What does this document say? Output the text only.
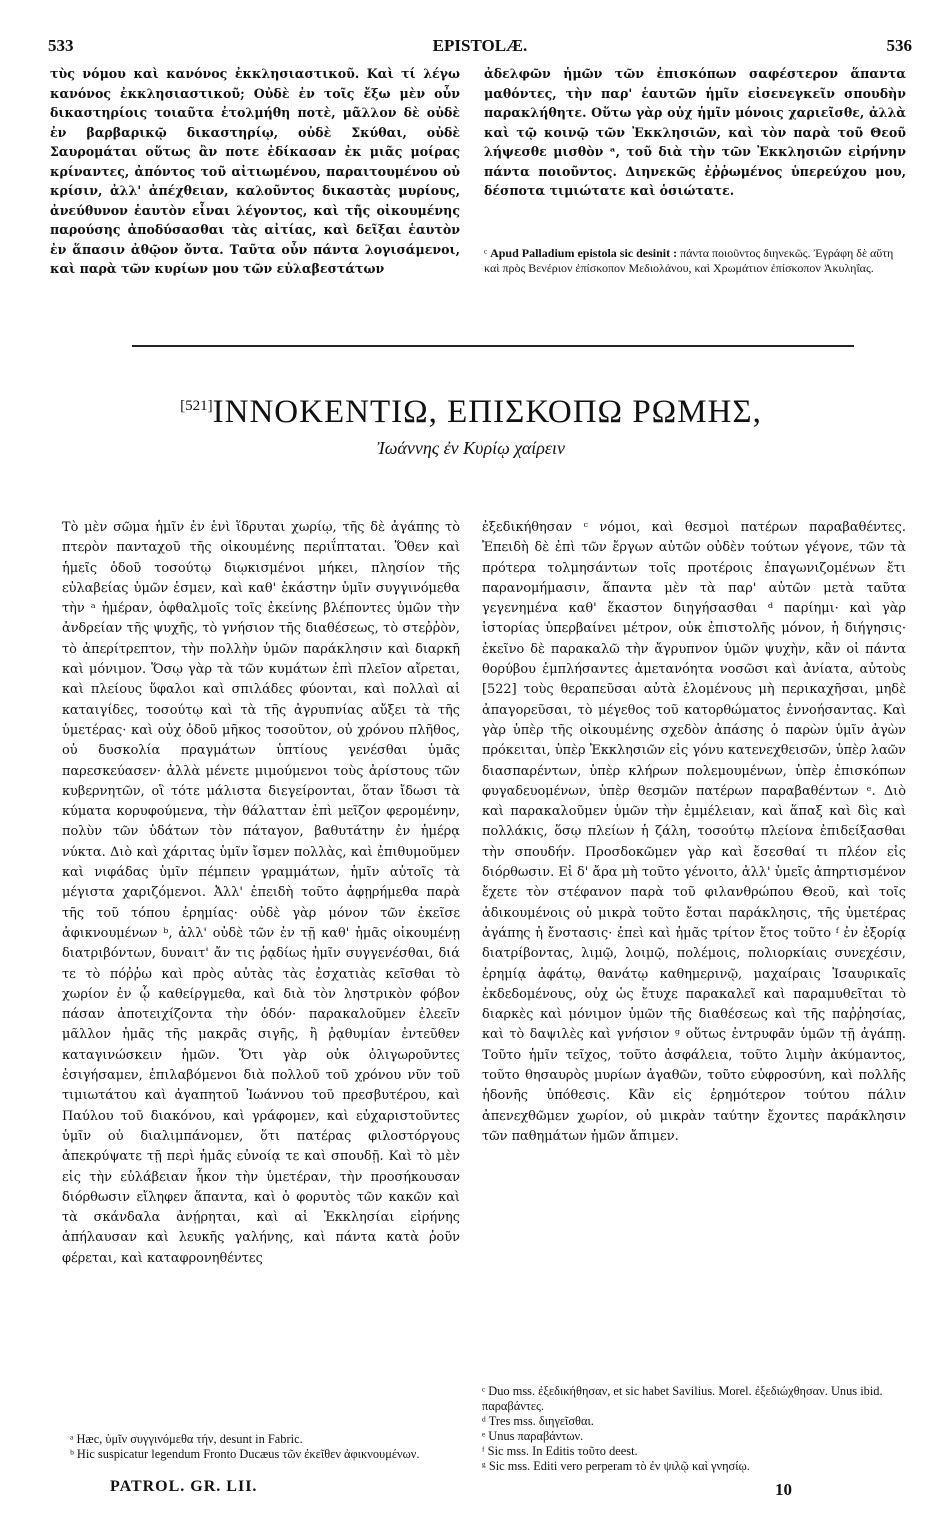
533	EPISTOLÆ.	536
τὺς νόμου καὶ κανόνος ἐκκλησιαστικοῦ. Καὶ τί λέγω κανόνος ἐκκλησιαστικοῦ; Οὐδὲ ἐν τοῖς ἔξω μὲν οὖν δικαστηρίοις τοιαῦτα ἐτολμήθη ποτὲ, μᾶλλον δὲ οὐδὲ ἐν βαρβαρικῷ δικαστηρίῳ, οὐδὲ Σκύθαι, οὐδὲ Σαυρομάται οὕτως ἂν ποτε ἐδίκασαν ἐκ μιᾶς μοίρας κρίναντες, ἀπόντος τοῦ αἰτιωμένου, παραιτουμένου οὐ κρίσιν, ἀλλ' ἀπέχθειαν, καλοῦντος δικαστὰς μυρίους, ἀνεύθυνον ἑαυτὸν εἶναι λέγοντος, καὶ τῆς οἰκουμένης παρούσης ἀποδύσασθαι τὰς αἰτίας, καὶ δεῖξαι ἑαυτὸν ἐν ἅπασιν ἀθῷον ὄντα. Ταῦτα οὖν πάντα λογισάμενοι, καὶ παρὰ τῶν κυρίων μου τῶν εὐλαβεστάτων
ἀδελφῶν ἡμῶν τῶν ἐπισκόπων σαφέστερον ἅπαντα μαθόντες, τὴν παρ' ἑαυτῶν ἡμῖν εἰσενεγκεῖν σπουδὴν παρακλήθητε. Οὕτω γὰρ οὐχ ἡμῖν μόνοις χαριεῖσθε, ἀλλὰ καὶ τῷ κοινῷ τῶν Ἐκκλησιῶν, καὶ τὸν παρὰ τοῦ Θεοῦ λήψεσθε μισθὸν ᵃ, τοῦ διὰ τὴν τῶν Ἐκκλησιῶν εἰρήνην πάντα ποιοῦντος. Διηνεκῶς ἐῤῥωμένος ὑπερεύχου μου, δέσποτα τιμιώτατε καὶ ὁσιώτατε.
ᶜ Apud Palladium epistola sic desinit : πάντα ποιοῦντος διηνεκῶς. Ἐγράφη δὲ αὕτη καὶ πρὸς Βενέριον ἐπίσκοπον Μεδιολάνου, καὶ Χρωμάτιον ἐπίσκοπον Ἀκυληΐας.
[521]ΙΝΝΟΚΕΝΤΙΩ, ΕΠΙΣΚΟΠΩ ΡΩΜΗΣ,
Ἰωάννης ἐν Κυρίῳ χαίρειν
Τὸ μὲν σῶμα ἡμῖν ἐν ἑνὶ ἵδρυται χωρίῳ, τῆς δὲ ἀγάπης τὸ πτερὸν πανταχοῦ τῆς οἰκουμένης περιΐπταται. Ὅθεν καὶ ἡμεῖς ὁδοῦ τοσούτῳ διῳκισμένοι μήκει, πλησίον τῆς εὐλαβείας ὑμῶν ἐσμεν, καὶ καθ' ἑκάστην ὑμῖν συγγινόμεθα τὴν ᵃ ἡμέραν, ὀφθαλμοῖς τοῖς ἐκείνης βλέποντες ὑμῶν τὴν ἀνδρείαν τῆς ψυχῆς, τὸ γνήσιον τῆς διαθέσεως, τὸ στεῤῥὸν, τὸ ἀπερίτρεπτον, τὴν πολλὴν ὑμῶν παράκλησιν καὶ διαρκῆ καὶ μόνιμον. Ὅσῳ γὰρ τὰ τῶν κυμάτων ἐπὶ πλεῖον αἴρεται, καὶ πλείους ὕφαλοι καὶ σπιλάδες φύονται, καὶ πολλαὶ αἱ καταιγίδες, τοσούτῳ καὶ τὰ τῆς ἀγρυπνίας αὔξει τὰ τῆς ὑμετέρας· καὶ οὐχ ὁδοῦ μῆκος τοσοῦτον, οὐ χρόνου πλῆθος, οὐ δυσκολία πραγμάτων ὑπτίους γενέσθαι ὑμᾶς παρεσκεύασεν· ἀλλὰ μένετε μιμούμενοι τοὺς ἀρίστους τῶν κυβερνητῶν, οἳ τότε μάλιστα διεγείρονται, ὅταν ἴδωσι τὰ κύματα κορυφούμενα, τὴν θάλατταν ἐπὶ μεῖζον φερομένην, πολὺν τῶν ὑδάτων τὸν πάταγον, βαθυτάτην ἐν ἡμέρᾳ νύκτα. Διὸ καὶ χάριτας ὑμῖν ἴσμεν πολλὰς, καὶ ἐπιθυμοῦμεν καὶ νιφάδας ὑμῖν πέμπειν γραμμάτων, ἡμῖν αὐτοῖς τὰ μέγιστα χαριζόμενοι. Ἀλλ' ἐπειδὴ τοῦτο ἀφῃρήμεθα παρὰ τῆς τοῦ τόπου ἐρημίας· οὐδὲ γὰρ μόνον τῶν ἐκεῖσε ἀφικνουμένων ᵇ, ἀλλ' οὐδὲ τῶν ἐν τῇ καθ' ἡμᾶς οἰκουμένῃ διατριβόντων, δυναιτ' ἄν τις ῥᾳδίως ἡμῖν συγγενέσθαι, διά τε τὸ πόῤῥω καὶ πρὸς αὐτὰς τὰς ἐσχατιὰς κεῖσθαι τὸ χωρίον ἐν ᾧ καθείργμεθα, καὶ διὰ τὸν ληστρικὸν φόβον πάσαν ἀποτειχίζοντα τὴν ὁδόν· παρακαλοῦμεν ἐλεεῖν μᾶλλον ἡμᾶς τῆς μακρᾶς σιγῆς, ἢ ῥᾳθυμίαν ἐντεῦθεν καταγινώσκειν ἡμῶν. Ὅτι γὰρ οὐκ ὀλιγωροῦντες ἐσιγήσαμεν, ἐπιλαβόμενοι διὰ πολλοῦ τοῦ χρόνου νῦν τοῦ τιμιωτάτου καὶ ἀγαπητοῦ Ἰωάννου τοῦ πρεσβυτέρου, καὶ Παύλου τοῦ διακόνου, καὶ γράφομεν, καὶ εὐχαριστοῦντες ὑμῖν οὐ διαλιμπάνομεν, ὅτι πατέρας φιλοστόργους ἀπεκρύψατε τῇ περὶ ἡμᾶς εὐνοίᾳ τε καὶ σπουδῇ. Καὶ τὸ μὲν εἰς τὴν εὐλάβειαν ἧκον τὴν ὑμετέραν, τὴν προσήκουσαν διόρθωσιν εἴληφεν ἅπαντα, καὶ ὁ φορυτὸς τῶν κακῶν καὶ τὰ σκάνδαλα ἀνῄρηται, καὶ αἱ Ἐκκλησίαι εἰρήνης ἀπήλαυσαν καὶ λευκῆς γαλήνης, καὶ πάντα κατὰ ῥοῦν φέρεται, καὶ καταφρονηθέντες
ἐξεδικήθησαν ᶜ νόμοι, καὶ θεσμοὶ πατέρων παραβαθέντες. Ἐπειδὴ δὲ ἐπὶ τῶν ἔργων αὐτῶν οὐδὲν τούτων γέγονε, τῶν τὰ πρότερα τολμησάντων τοῖς προτέροις ἐπαγωνιζομένων ἔτι παρανομήμασιν, ἅπαντα μὲν τὰ παρ' αὐτῶν μετὰ ταῦτα γεγενημένα καθ' ἕκαστον διηγήσασθαι ᵈ παρίημι· καὶ γὰρ ἱστορίας ὑπερβαίνει μέτρον, οὐκ ἐπιστολῆς μόνον, ἡ διήγησις· ἐκεῖνο δὲ παρακαλῶ τὴν ἄγρυπνον ὑμῶν ψυχὴν, κἂν οἱ πάντα θορύβου ἐμπλήσαντες ἀμετανόητα νοσῶσι καὶ ἀνίατα, αὐτοὺς [522] τοὺς θεραπεῦσαι αὐτὰ ἑλομένους μὴ περικαχῆσαι, μηδὲ ἀπαγορεῦσαι, τὸ μέγεθος τοῦ κατορθώματος ἐννοήσαντας. Καὶ γὰρ ὑπὲρ τῆς οἰκουμένης σχεδὸν ἁπάσης ὁ παρὼν ὑμῖν ἀγὼν πρόκειται, ὑπὲρ Ἐκκλησιῶν εἰς γόνυ κατενεχθεισῶν, ὑπὲρ λαῶν διασπαρέντων, ὑπὲρ κλήρων πολεμουμένων, ὑπὲρ ἐπισκόπων φυγαδευομένων, ὑπὲρ θεσμῶν πατέρων παραβαθέντων ᵉ. Διὸ καὶ παρακαλοῦμεν ὑμῶν τὴν ἐμμέλειαν, καὶ ἅπαξ καὶ δὶς καὶ πολλάκις, ὅσῳ πλείων ἡ ζάλη, τοσούτῳ πλείονα ἐπιδείξασθαι τὴν σπουδήν. Προσδοκῶμεν γὰρ καὶ ἔσεσθαί τι πλέον εἰς διόρθωσιν. Εἰ δ' ἄρα μὴ τοῦτο γένοιτο, ἀλλ' ὑμεῖς ἀπηρτισμένον ἔχετε τὸν στέφανον παρὰ τοῦ φιλανθρώπου Θεοῦ, καὶ τοῖς ἀδικουμένοις οὐ μικρὰ τοῦτο ἔσται παράκλησις, τῆς ὑμετέρας ἀγάπης ἡ ἔνστασις· ἐπεὶ καὶ ἡμᾶς τρίτον ἔτος τοῦτο ᶠ ἐν ἐξορίᾳ διατρίβοντας, λιμῷ, λοιμῷ, πολέμοις, πολιορκίαις συνεχέσιν, ἐρημίᾳ ἀφάτῳ, θανάτῳ καθημερινῷ, μαχαίραις Ἰσαυρικαῖς ἐκδεδομένους, οὐχ ὡς ἔτυχε παρακαλεῖ καὶ παραμυθεῖται τὸ διαρκὲς καὶ μόνιμον ὑμῶν τῆς διαθέσεως καὶ τῆς παῤῥησίας, καὶ τὸ δαψιλὲς καὶ γνήσιον ᵍ οὕτως ἐντρυφᾶν ὑμῶν τῇ ἀγάπῃ. Τοῦτο ἡμῖν τεῖχος, τοῦτο ἀσφάλεια, τοῦτο λιμὴν ἀκύμαντος, τοῦτο θησαυρὸς μυρίων ἀγαθῶν, τοῦτο εὐφροσύνη, καὶ πολλῆς ἡδονῆς ὑπόθεσις. Κἂν εἰς ἐρημότερον τούτου πάλιν ἀπενεχθῶμεν χωρίον, οὐ μικρὰν ταύτην ἔχοντες παράκλησιν τῶν παθημάτων ἡμῶν ἄπιμεν.

ᵃ Hæc, ὑμῖν συγγινόμεθα τήν, desunt in Fabric.

ᵇ Hic suspicatur legendum Fronto Ducæus τῶν ἐκεῖθεν ἀφικνουμένων.

ᶜ Duo mss. ἐξεδικήθησαν, et sic habet Savilius. Morel. ἐξεδιώχθησαν. Unus ibid. παραβάντες.

ᵈ Tres mss. διηγεῖσθαι.

ᵉ Unus παραβάντων.

ᶠ Sic mss. In Editis τοῦτο deest.

ᵍ Sic mss. Editi vero perperam τὸ ἐν ψιλῷ καὶ γνησίῳ.

PATROL. GR. LII.	10
